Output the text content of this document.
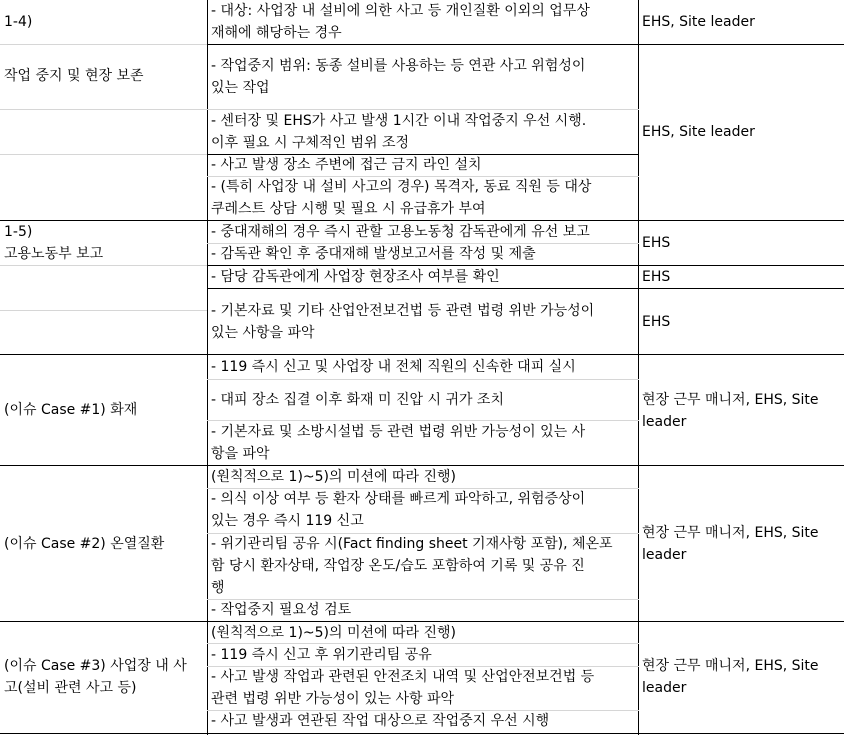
1-4)
작업 중지 및 현장 보존
- 대상: 사업장 내 설비에 의한 사고 등 개인질환 이외의 업무상
재해에 해당하는 경우
- 작업중지 범위: 동종 설비를 사용하는 등 연관 사고 위험성이
있는 작업
- 센터장 및 EHS가 사고 발생 1시간 이내 작업중지 우선 시행.
이후 필요 시 구체적인 범위 조정
- 사고 발생 장소 주변에 접근 금지 라인 설치
- (특히 사업장 내 설비 사고의 경우) 목격자, 동료 직원 등 대상
쿠레스트 상담 시행 및 필요 시 유급휴가 부여
EHS, Site leader
EHS, Site leader
1-5)
고용노동부 보고
- 중대재해의 경우 즉시 관할 고용노동청 감독관에게 유선 보고
- 감독관 확인 후 중대재해 발생보고서를 작성 및 제출
- 담당 감독관에게 사업장 현장조사 여부를 확인
- 기본자료 및 기타 산업안전보건법 등 관련 법령 위반 가능성이
있는 사항을 파악
EHS
EHS
EHS
(이슈 Case #1) 화재
- 119 즉시 신고 및 사업장 내 전체 직원의 신속한 대피 실시
- 대피 장소 집결 이후 화재 미 진압 시 귀가 조치
- 기본자료 및 소방시설법 등 관련 법령 위반 가능성이 있는 사
항을 파악
현장 근무 매니저, EHS, Site
leader
(이슈 Case #2) 온열질환
(원칙적으로 1)~5)의 미션에 따라 진행)
- 의식 이상 여부 등 환자 상태를 빠르게 파악하고, 위험증상이
있는 경우 즉시 119 신고
- 위기관리팀 공유 시(Fact finding sheet 기재사항 포함), 체온포
함 당시 환자상태, 작업장 온도/습도 포함하여 기록 및 공유 진
행
- 작업중지 필요성 검토
현장 근무 매니저, EHS, Site
leader
(이슈 Case #3) 사업장 내 사
고(설비 관련 사고 등)
(원칙적으로 1)~5)의 미션에 따라 진행)
- 119 즉시 신고 후 위기관리팀 공유
- 사고 발생 작업과 관련된 안전조치 내역 및 산업안전보건법 등
관련 법령 위반 가능성이 있는 사항 파악
- 사고 발생과 연관된 작업 대상으로 작업중지 우선 시행
현장 근무 매니저, EHS, Site
leader
